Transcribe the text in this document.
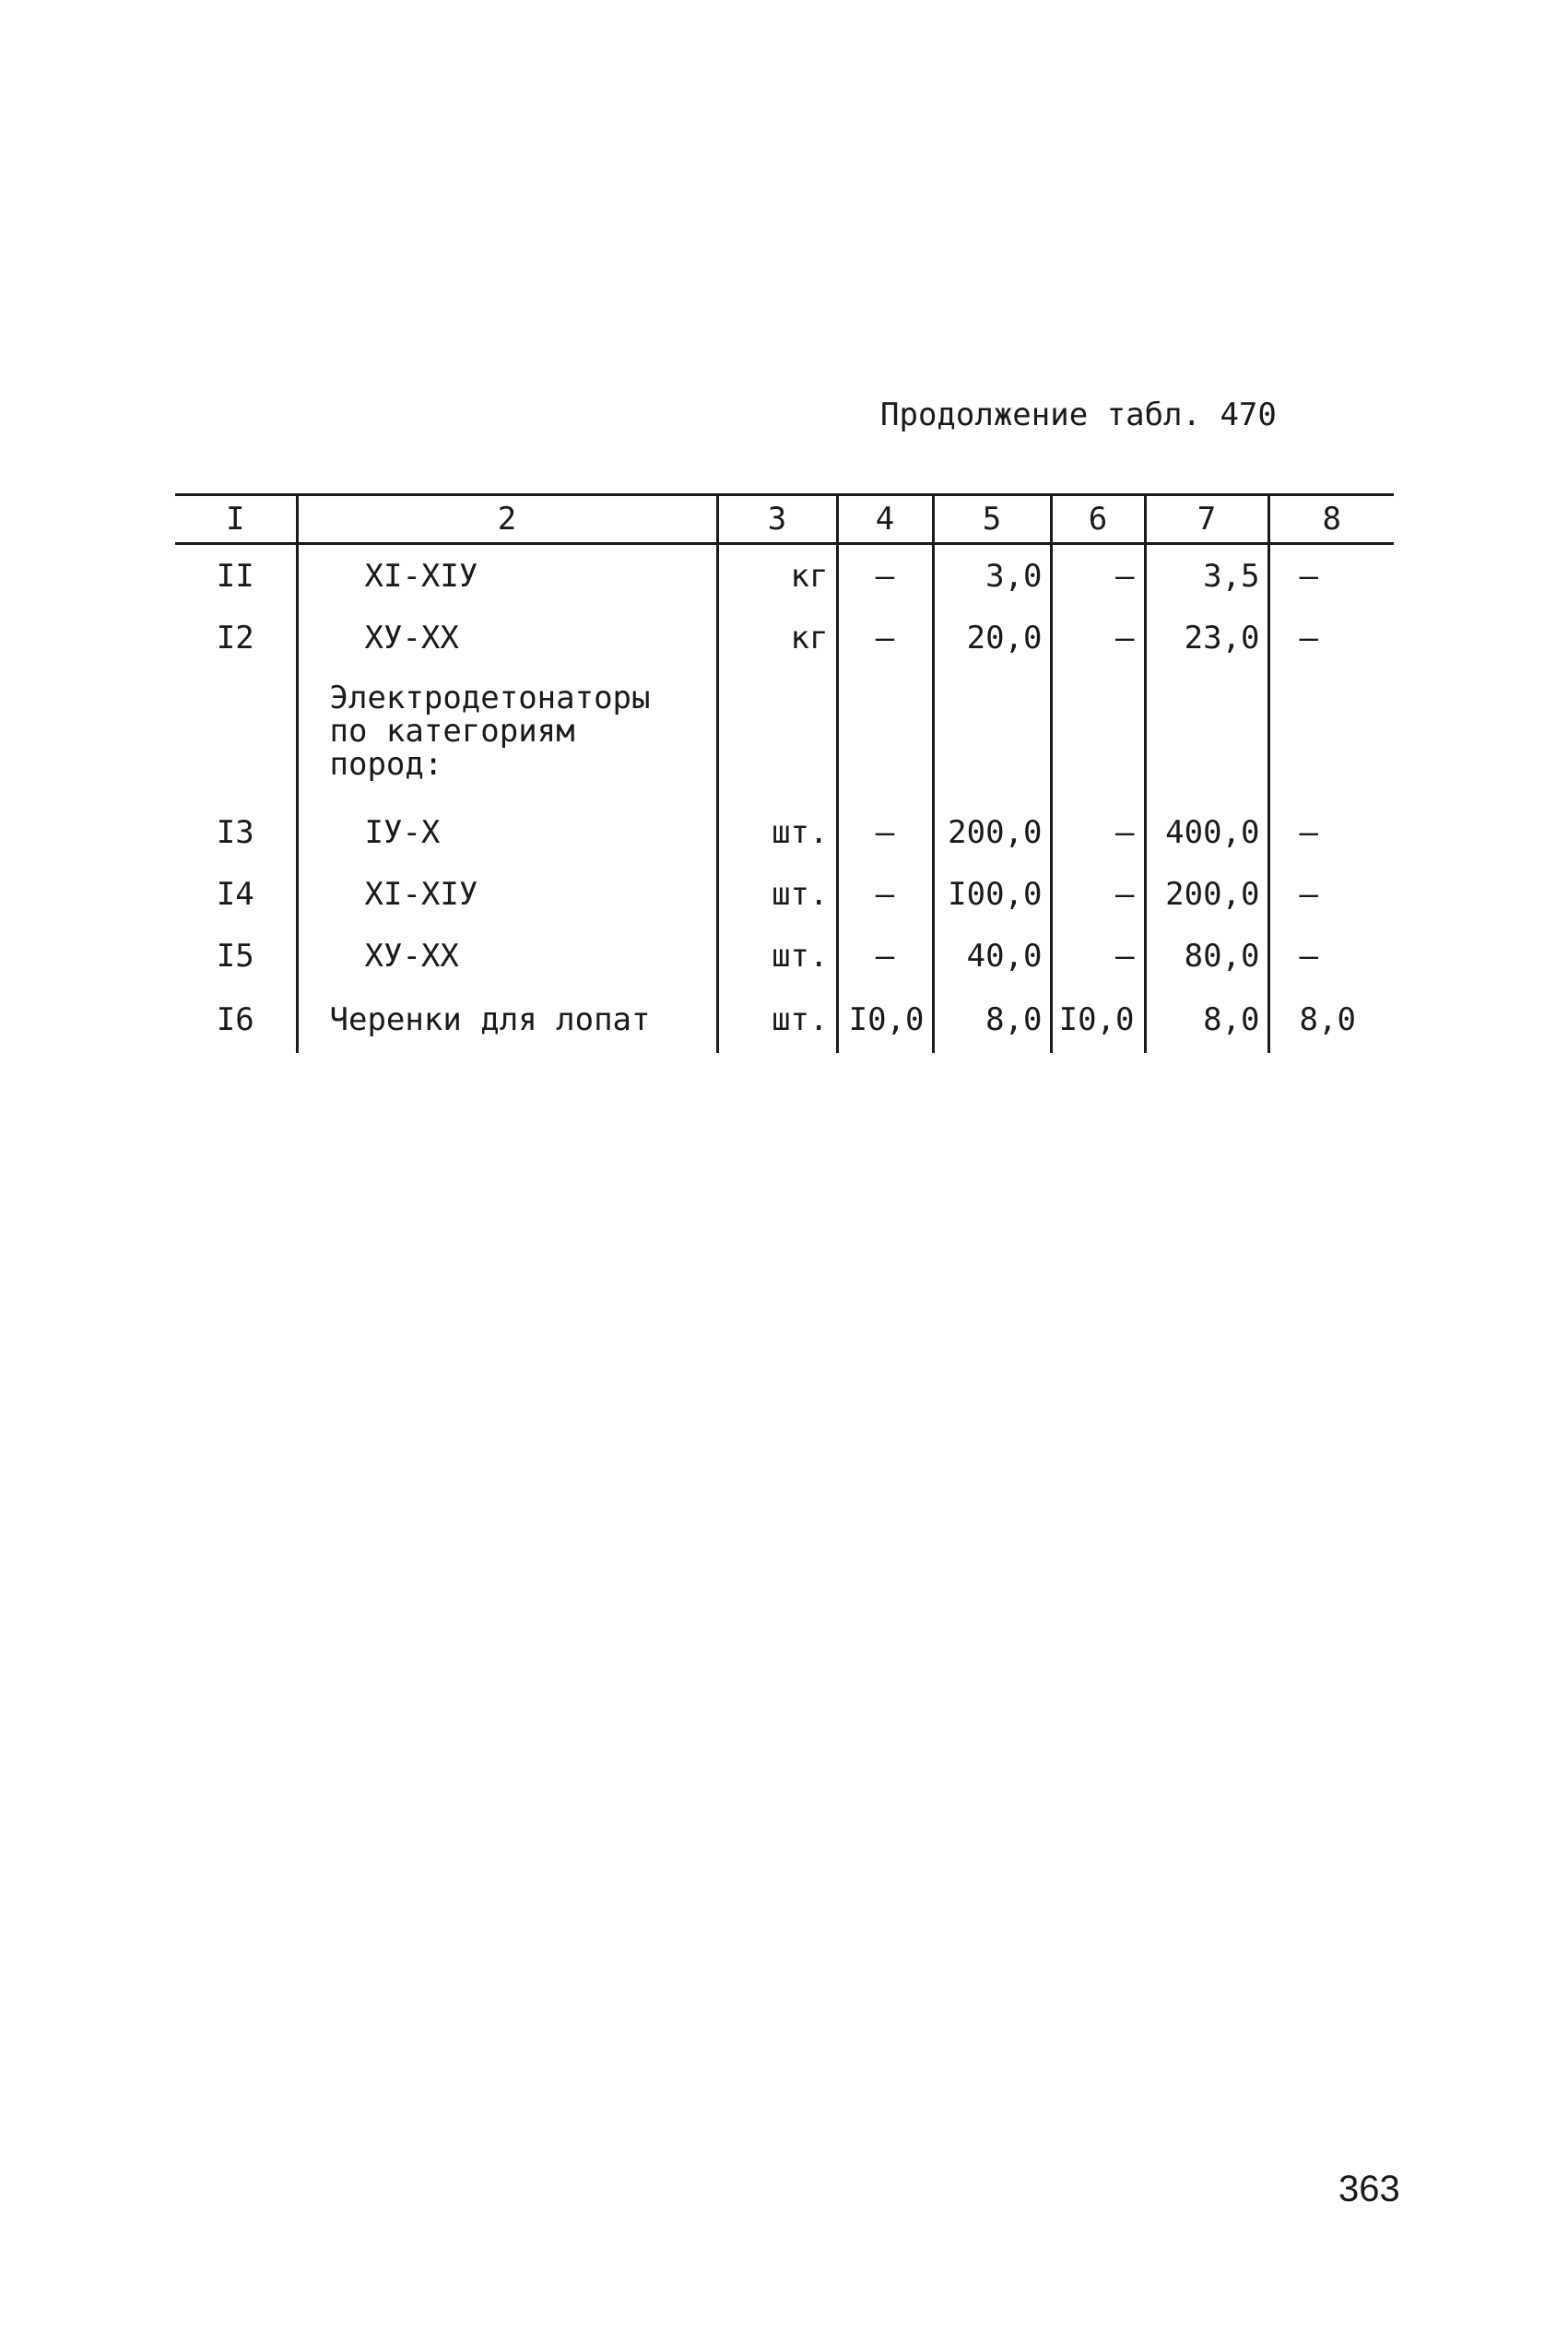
Продолжение табл. 470
I	2	3	4	5	6	7	8
II	XI-XIУ	кг	–	3,0	–	3,5	–
I2	XУ-XX	кг	–	20,0	–	23,0	–

	Электродетонаторы по категориям пород:						

I3	IУ-X	шт.	–	200,0	–	400,0	–
I4	XI-XIУ	шт.	–	I00,0	–	200,0	–
I5	XУ-XX	шт.	–	40,0	–	80,0	–
I6	Черенки для лопат	шт.	I0,0	8,0	I0,0	8,0	8,0
363
